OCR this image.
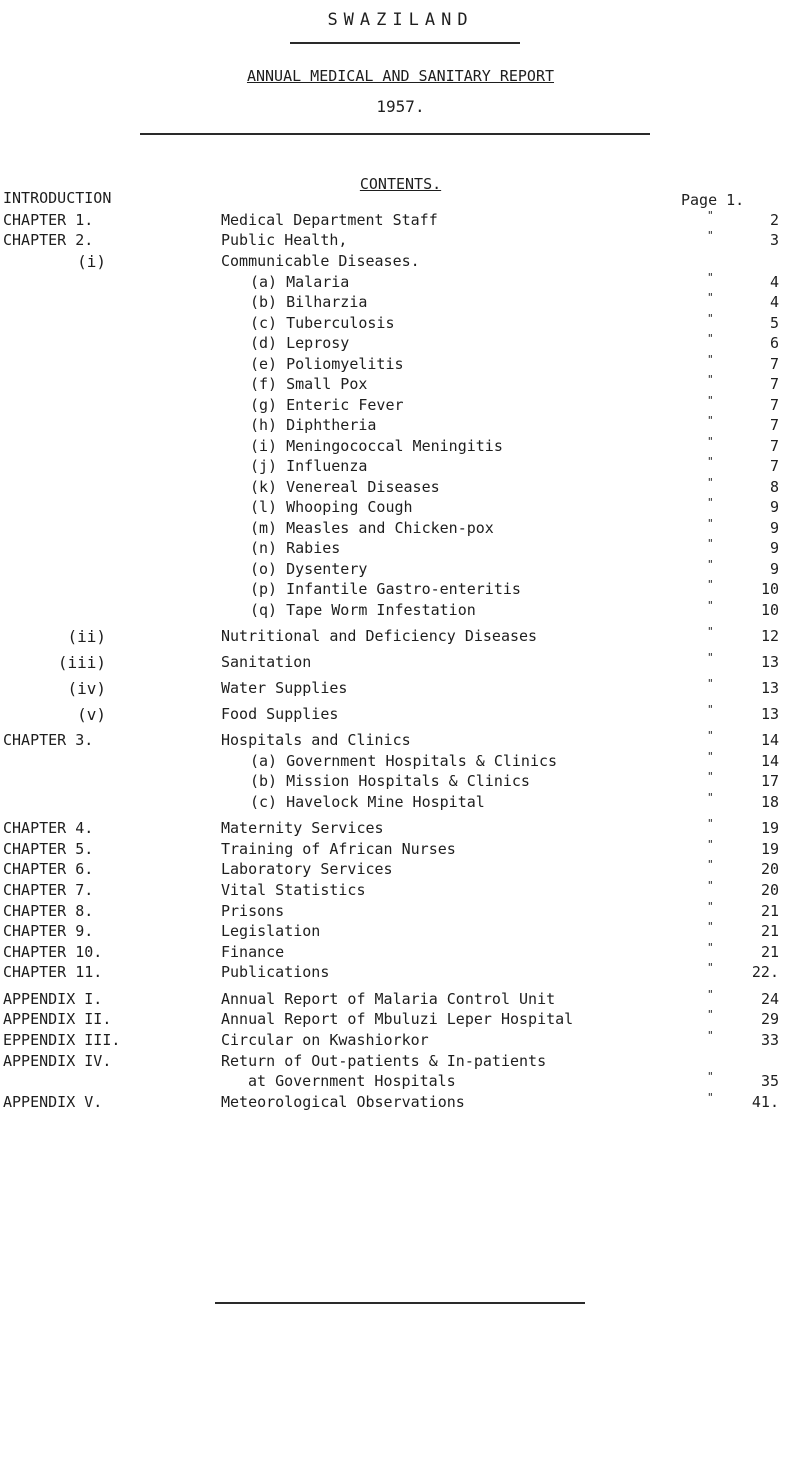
SWAZILAND
ANNUAL MEDICAL AND SANITARY REPORT
1957.
CONTENTS.
INTRODUCTION	Page 1.
CHAPTER 1.	Medical Department Staff	"	2
CHAPTER 2.	Public Health,	"	3
(i)	Communicable Diseases.
(a) Malaria	"	4
(b) Bilharzia	"	4
(c) Tuberculosis	"	5
(d) Leprosy	"	6
(e) Poliomyelitis	"	7
(f) Small Pox	"	7
(g) Enteric Fever	"	7
(h) Diphtheria	"	7
(i) Meningococcal Meningitis	"	7
(j) Influenza	"	7
(k) Venereal Diseases	"	8
(l) Whooping Cough	"	9
(m) Measles and Chicken-pox	"	9
(n) Rabies	"	9
(o) Dysentery	"	9
(p) Infantile Gastro-enteritis	"	10
(q) Tape Worm Infestation	"	10
(ii)	Nutritional and Deficiency Diseases	"	12
(iii)	Sanitation	"	13
(iv)	Water Supplies	"	13
(v)	Food Supplies	"	13
CHAPTER 3.	Hospitals and Clinics	"	14
(a) Government Hospitals & Clinics	"	14
(b) Mission Hospitals & Clinics	"	17
(c) Havelock Mine Hospital	"	18
CHAPTER 4.	Maternity Services	"	19
CHAPTER 5.	Training of African Nurses	"	19
CHAPTER 6.	Laboratory Services	"	20
CHAPTER 7.	Vital Statistics	"	20
CHAPTER 8.	Prisons	"	21
CHAPTER 9.	Legislation	"	21
CHAPTER 10.	Finance	"	21
CHAPTER 11.	Publications	"	22.
APPENDIX I.	Annual Report of Malaria Control Unit	"	24
APPENDIX II.	Annual Report of Mbuluzi Leper Hospital	"	29
EPPENDIX III.	Circular on Kwashiorkor	"	33
APPENDIX IV.	Return of Out-patients & In-patients
at Government Hospitals	"	35
APPENDIX V.	Meteorological Observations	"	41.
